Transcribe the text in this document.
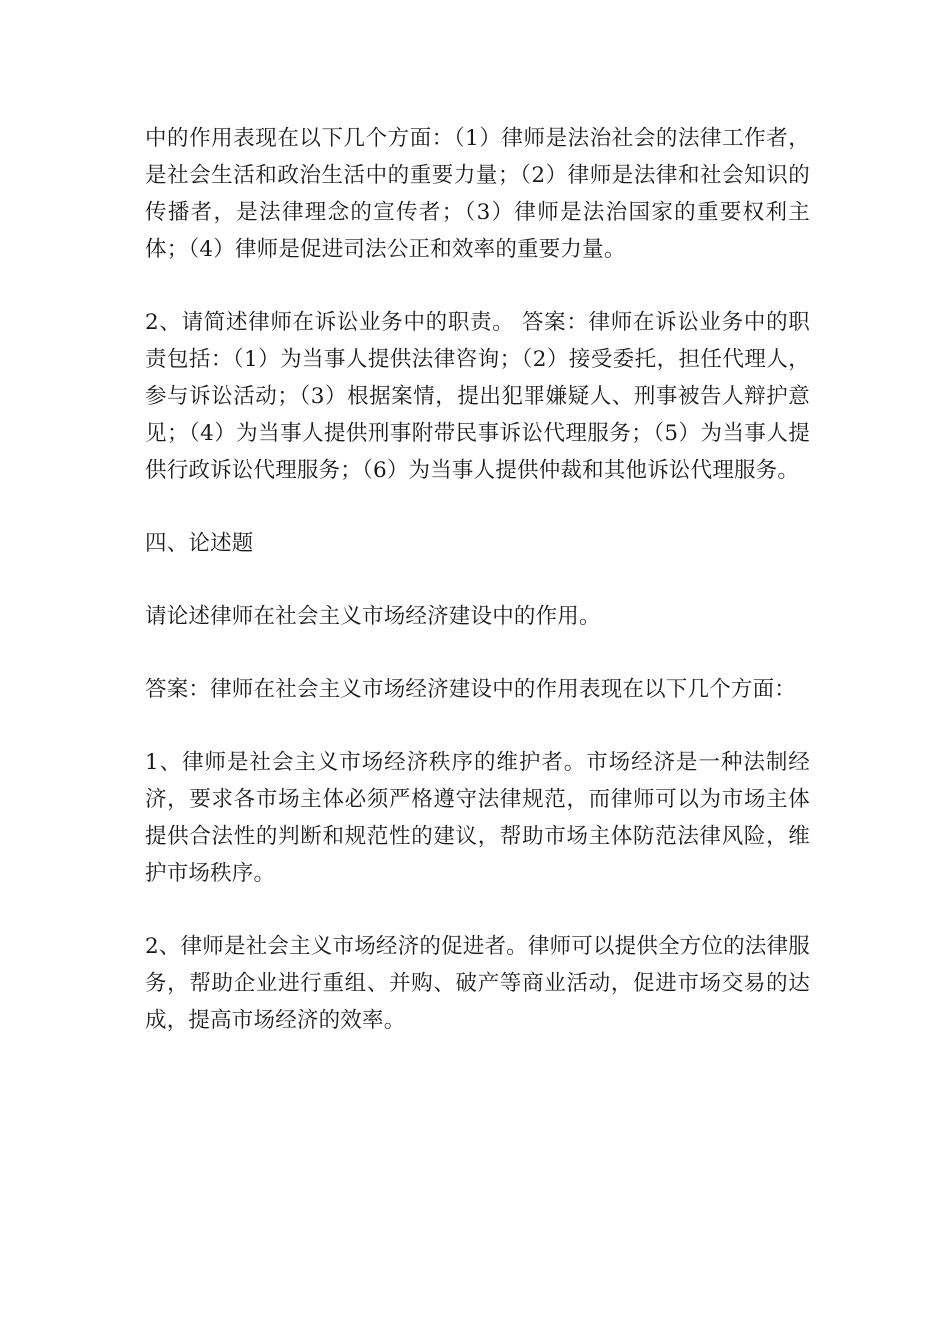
中的作用表现在以下几个方面：（1）律师是法治社会的法律工作者，是社会生活和政治生活中的重要力量；（2）律师是法律和社会知识的传播者，是法律理念的宣传者；（3）律师是法治国家的重要权利主体；（4）律师是促进司法公正和效率的重要力量。

2、请简述律师在诉讼业务中的职责。 答案：律师在诉讼业务中的职责包括：（1）为当事人提供法律咨询；（2）接受委托，担任代理人，参与诉讼活动；（3）根据案情，提出犯罪嫌疑人、刑事被告人辩护意见；（4）为当事人提供刑事附带民事诉讼代理服务；（5）为当事人提供行政诉讼代理服务；（6）为当事人提供仲裁和其他诉讼代理服务。

四、论述题

请论述律师在社会主义市场经济建设中的作用。

答案：律师在社会主义市场经济建设中的作用表现在以下几个方面：

1、律师是社会主义市场经济秩序的维护者。市场经济是一种法制经济，要求各市场主体必须严格遵守法律规范，而律师可以为市场主体提供合法性的判断和规范性的建议，帮助市场主体防范法律风险，维护市场秩序。

2、律师是社会主义市场经济的促进者。律师可以提供全方位的法律服务，帮助企业进行重组、并购、破产等商业活动，促进市场交易的达成，提高市场经济的效率。
